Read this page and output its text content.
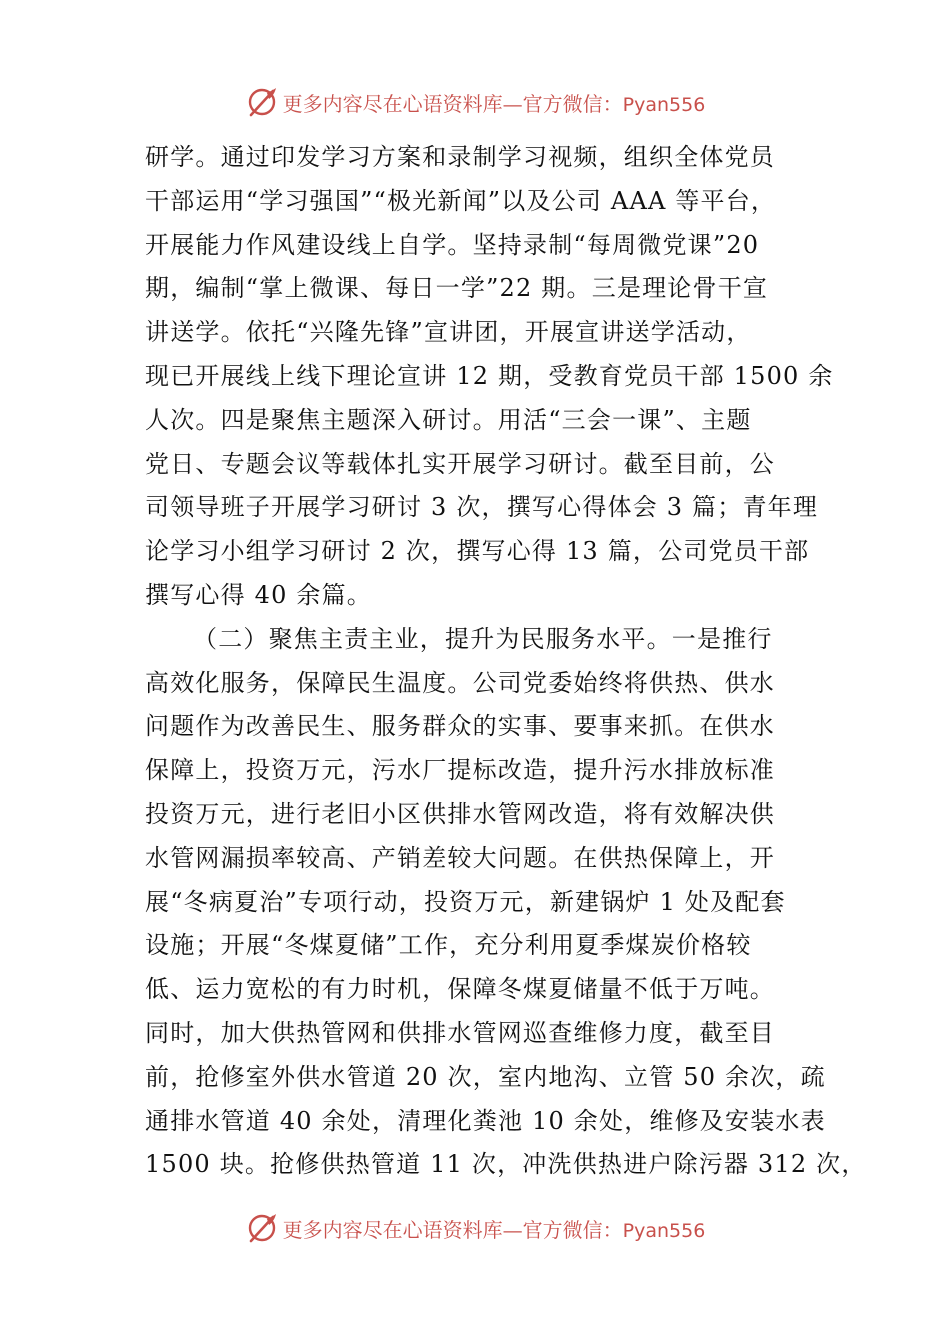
更多内容尽在心语资料库—官方微信：Pyan556
研学。通过印发学习方案和录制学习视频，组织全体党员
干部运用“学习强国”“极光新闻”以及公司 AAA 等平台，
开展能力作风建设线上自学。坚持录制“每周微党课”20
期，编制“掌上微课、每日一学”22 期。三是理论骨干宣
讲送学。依托“兴隆先锋”宣讲团，开展宣讲送学活动，
现已开展线上线下理论宣讲 12 期，受教育党员干部 1500 余
人次。四是聚焦主题深入研讨。用活“三会一课”、主题
党日、专题会议等载体扎实开展学习研讨。截至目前，公
司领导班子开展学习研讨 3 次，撰写心得体会 3 篇；青年理
论学习小组学习研讨 2 次，撰写心得 13 篇，公司党员干部
撰写心得 40 余篇。
（二）聚焦主责主业，提升为民服务水平。一是推行
高效化服务，保障民生温度。公司党委始终将供热、供水
问题作为改善民生、服务群众的实事、要事来抓。在供水
保障上，投资万元，污水厂提标改造，提升污水排放标准
投资万元，进行老旧小区供排水管网改造，将有效解决供
水管网漏损率较高、产销差较大问题。在供热保障上，开
展“冬病夏治”专项行动，投资万元，新建锅炉 1 处及配套
设施；开展“冬煤夏储”工作，充分利用夏季煤炭价格较
低、运力宽松的有力时机，保障冬煤夏储量不低于万吨。
同时，加大供热管网和供排水管网巡查维修力度，截至目
前，抢修室外供水管道 20 次，室内地沟、立管 50 余次，疏
通排水管道 40 余处，清理化粪池 10 余处，维修及安装水表
1500 块。抢修供热管道 11 次，冲洗供热进户除污器 312 次，
更多内容尽在心语资料库—官方微信：Pyan556
